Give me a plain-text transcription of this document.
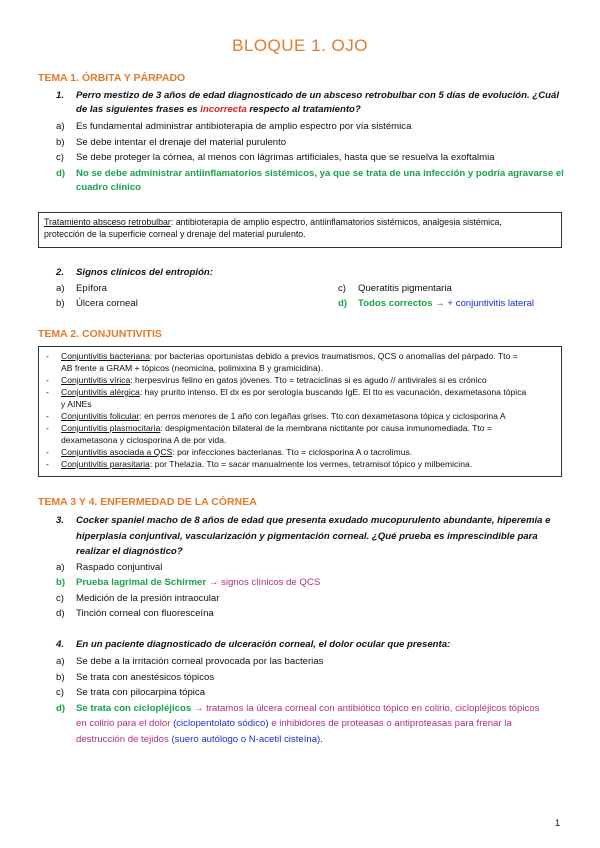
BLOQUE 1. OJO
TEMA 1. ÓRBITA Y PÁRPADO
1. Perro mestizo de 3 años de edad diagnosticado de un absceso retrobulbar con 5 días de evolución. ¿Cuál
de las siguientes frases es incorrecta respecto al tratamiento?
a) Es fundamental administrar antibioterapia de amplio espectro por vía sistémica
b) Se debe intentar el drenaje del material purulento
c) Se debe proteger la córnea, al menos con lágrimas artificiales, hasta que se resuelva la exoftalmia
d) No se debe administrar antiinflamatorios sistémicos, ya que se trata de una infección y podría agravarse el
cuadro clínico
Tratamiento absceso retrobulbar: antibioterapia de amplio espectro, antiinflamatorios sistémicos, analgesia sistémica,
protección de la superficie corneal y drenaje del material purulento.
2. Signos clínicos del entropión:
a) Epífora
b) Úlcera corneal
c) Queratitis pigmentaria
d) Todos correctos → + conjuntivitis lateral
TEMA 2. CONJUNTIVITIS
- Conjuntivitis bacteriana: por bacterias oportunistas debido a previos traumatismos, QCS o anomalías del párpado. Tto =
AB frente a GRAM + tópicos (neomicina, polimixina B y gramicidina).
- Conjuntivitis vírica: herpesvirus felino en gatos jóvenes. Tto = tetraciclinas si es agudo // antivirales si es crónico
- Conjuntivitis alérgica: hay prurito intenso. El dx es por serología buscando IgE. El tto es vacunación, dexametasona tópica
y AINEs
- Conjuntivitis folicular: en perros menores de 1 año con legañas grises. Tto con dexametasona tópica y ciclosporina A
- Conjuntivitis plasmocitaria: despigmentación bilateral de la membrana nictitante por causa inmunomediada. Tto =
dexametasona y ciclosporina A de por vida.
- Conjuntivitis asociada a QCS: por infecciones bacterianas. Tto = ciclosporina A o tacrolimus.
- Conjuntivitis parasitaria: por Thelazia. Tto = sacar manualmente los vermes, tetramisol tópico y milbemicina.
TEMA 3 Y 4. ENFERMEDAD DE LA CÓRNEA
3. Cocker spaniel macho de 8 años de edad que presenta exudado mucopurulento abundante, hiperemia e
hiperplasia conjuntival, vascularización y pigmentación corneal. ¿Qué prueba es imprescindible para
realizar el diagnóstico?
a) Raspado conjuntival
b) Prueba lagrimal de Schirmer → signos clínicos de QCS
c) Medición de la presión intraocular
d) Tinción corneal con fluoresceína
4. En un paciente diagnosticado de ulceración corneal, el dolor ocular que presenta:
a) Se debe a la irritación corneal provocada por las bacterias
b) Se trata con anestésicos tópicos
c) Se trata con pilocarpina tópica
d) Se trata con ciclopléjicos → tratamos la úlcera corneal con antibiótico tópico en colirio, ciclopléjicos tópicos
en colirio para el dolor (ciclopentolato sódico) e inhibidores de proteasas o antiproteasas para frenar la
destrucción de tejidos (suero autólogo o N-acetil cisteína).
1
